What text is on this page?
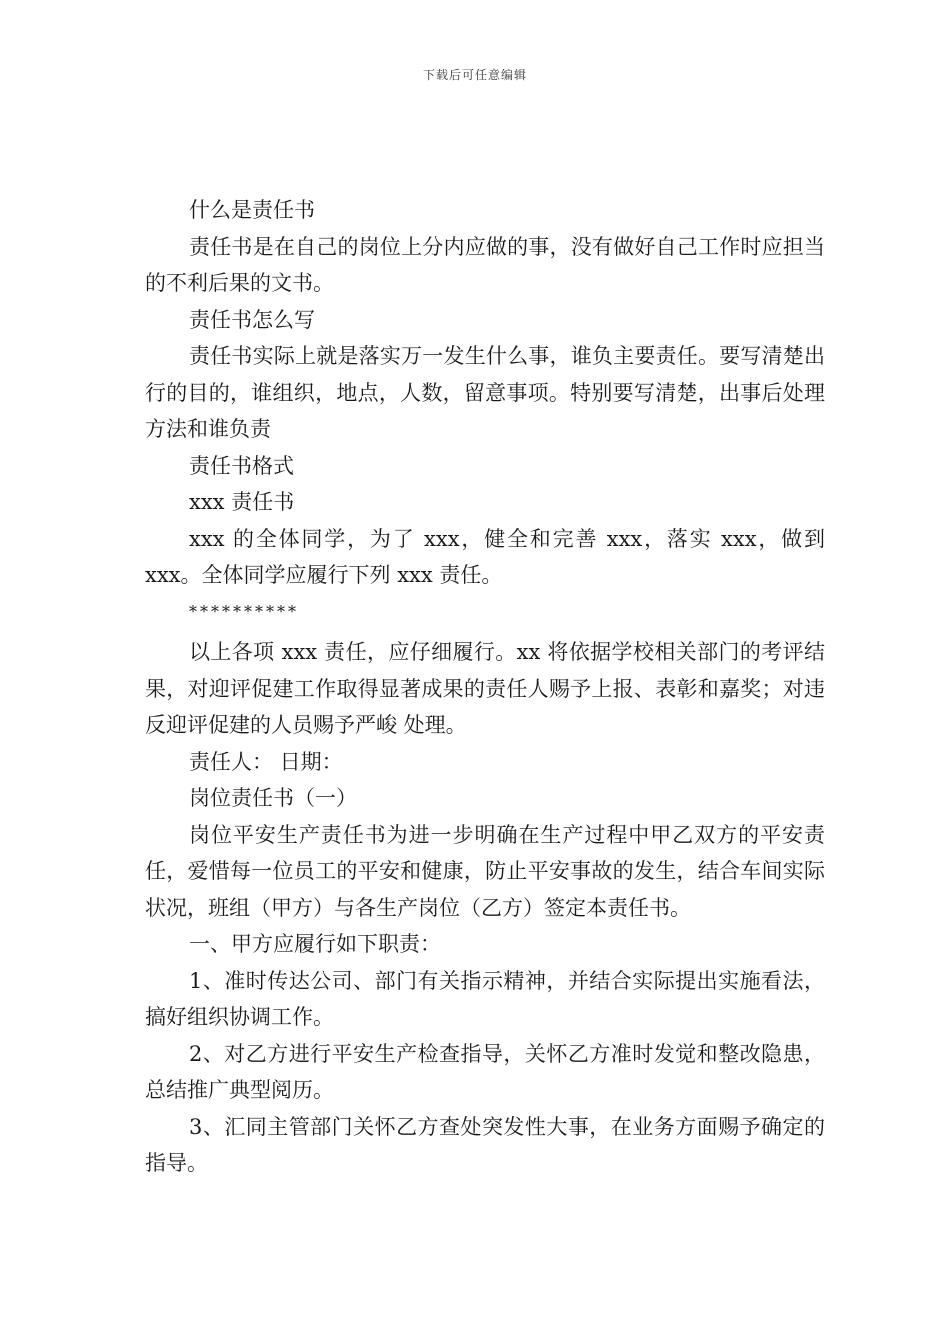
下载后可任意编辑

什么是责任书

责任书是在自己的岗位上分内应做的事，没有做好自己工作时应担当的不利后果的文书。

责任书怎么写

责任书实际上就是落实万一发生什么事，谁负主要责任。要写清楚出行的目的，谁组织，地点，人数，留意事项。特别要写清楚，出事后处理方法和谁负责

责任书格式

xxx 责任书

xxx 的全体同学，为了 xxx，健全和完善 xxx，落实 xxx，做到xxx。全体同学应履行下列 xxx 责任。

**********

以上各项 xxx 责任，应仔细履行。xx 将依据学校相关部门的考评结果，对迎评促建工作取得显著成果的责任人赐予上报、表彰和嘉奖；对违反迎评促建的人员赐予严峻 处理。

责任人： 日期：

岗位责任书（一）

岗位平安生产责任书为进一步明确在生产过程中甲乙双方的平安责任，爱惜每一位员工的平安和健康，防止平安事故的发生，结合车间实际状况，班组（甲方）与各生产岗位（乙方）签定本责任书。

一、甲方应履行如下职责：

1、准时传达公司、部门有关指示精神，并结合实际提出实施看法，搞好组织协调工作。

2、对乙方进行平安生产检查指导，关怀乙方准时发觉和整改隐患，总结推广典型阅历。

3、汇同主管部门关怀乙方查处突发性大事，在业务方面赐予确定的指导。
